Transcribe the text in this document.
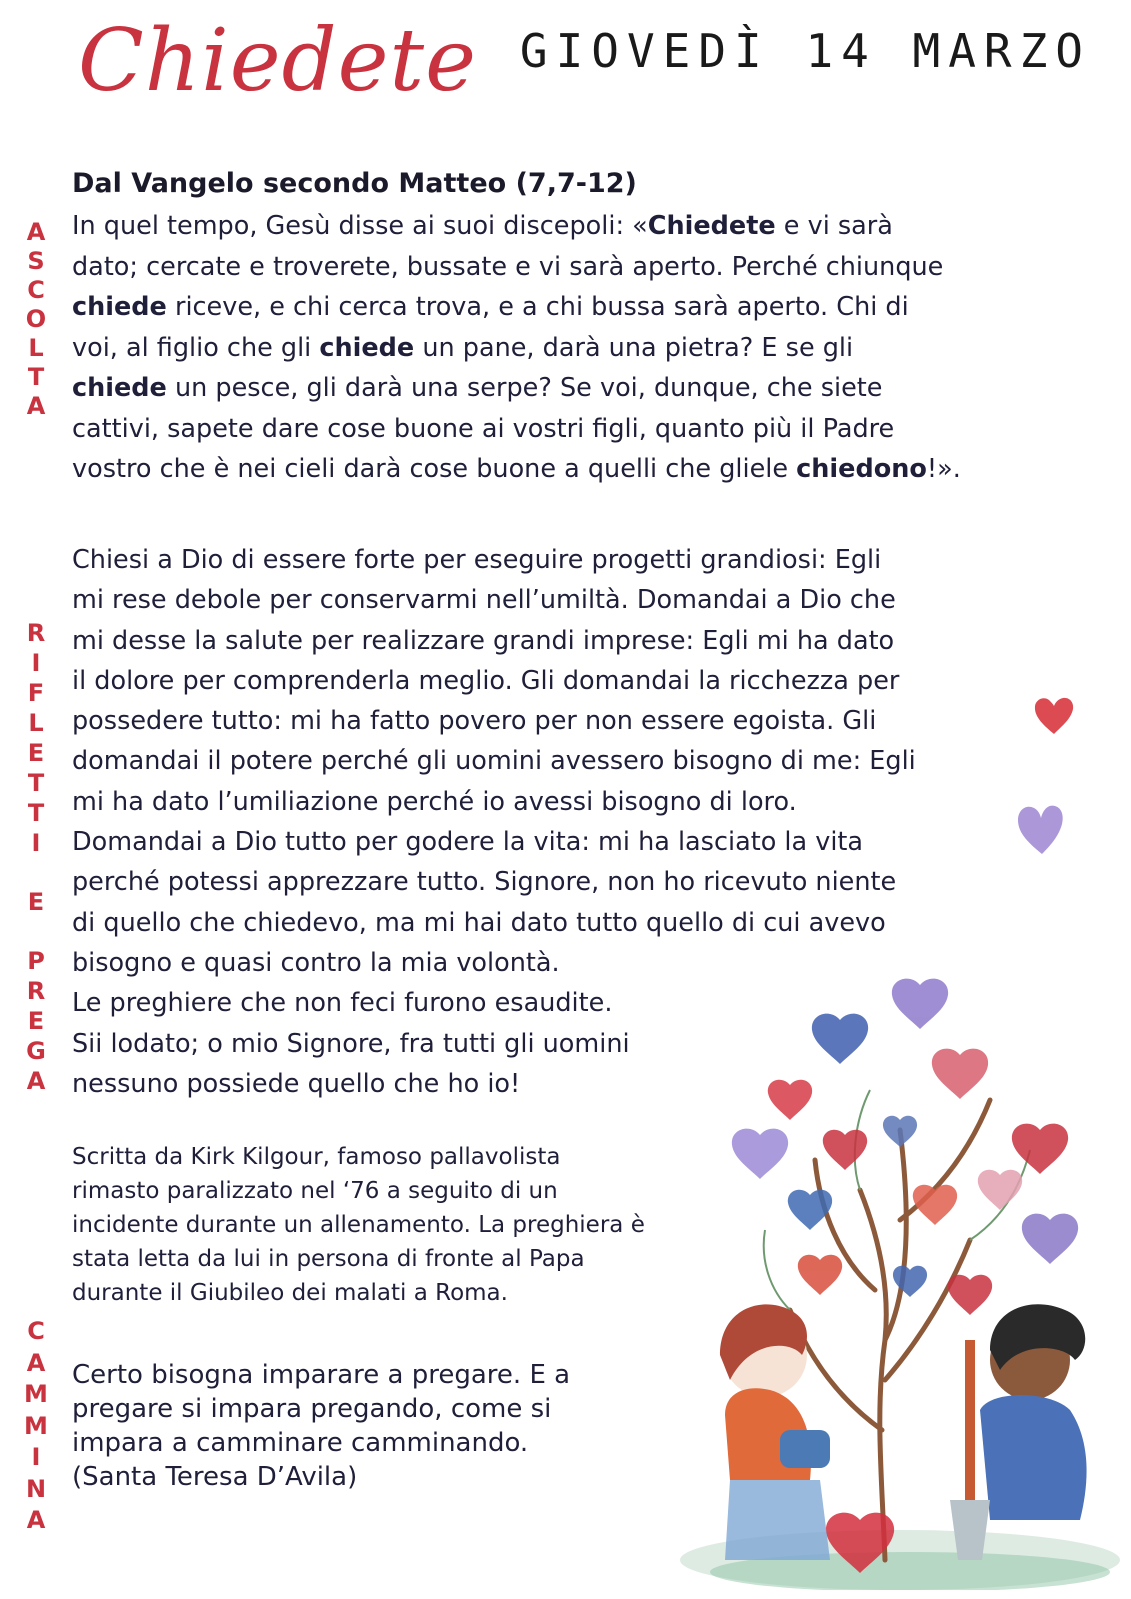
Chiedete GIOVEDÌ 14 MARZO
A
S
C
O
L
T
A
R
I
F
L
E
T
T
I
E
P
R
E
G
A
C
A
M
M
I
N
A
Dal Vangelo secondo Matteo (7,7-12)
In quel tempo, Gesù disse ai suoi discepoli: «Chiedete e vi sarà
dato; cercate e troverete, bussate e vi sarà aperto. Perché chiunque
chiede riceve, e chi cerca trova, e a chi bussa sarà aperto. Chi di
voi, al figlio che gli chiede un pane, darà una pietra? E se gli
chiede un pesce, gli darà una serpe? Se voi, dunque, che siete
cattivi, sapete dare cose buone ai vostri figli, quanto più il Padre
vostro che è nei cieli darà cose buone a quelli che gliele chiedono!».
Chiesi a Dio di essere forte per eseguire progetti grandiosi: Egli
mi rese debole per conservarmi nell’umiltà. Domandai a Dio che
mi desse la salute per realizzare grandi imprese: Egli mi ha dato
il dolore per comprenderla meglio. Gli domandai la ricchezza per
possedere tutto: mi ha fatto povero per non essere egoista. Gli
domandai il potere perché gli uomini avessero bisogno di me: Egli
mi ha dato l’umiliazione perché io avessi bisogno di loro.
Domandai a Dio tutto per godere la vita: mi ha lasciato la vita
perché potessi apprezzare tutto. Signore, non ho ricevuto niente
di quello che chiedevo, ma mi hai dato tutto quello di cui avevo
bisogno e quasi contro la mia volontà.
Le preghiere che non feci furono esaudite.
Sii lodato; o mio Signore, fra tutti gli uomini
nessuno possiede quello che ho io!
Scritta da Kirk Kilgour, famoso pallavolista
rimasto paralizzato nel ‘76 a seguito di un
incidente durante un allenamento. La preghiera è
stata letta da lui in persona di fronte al Papa
durante il Giubileo dei malati a Roma.
Certo bisogna imparare a pregare. E a
pregare si impara pregando, come si
impara a camminare camminando.
(Santa Teresa D’Avila)
